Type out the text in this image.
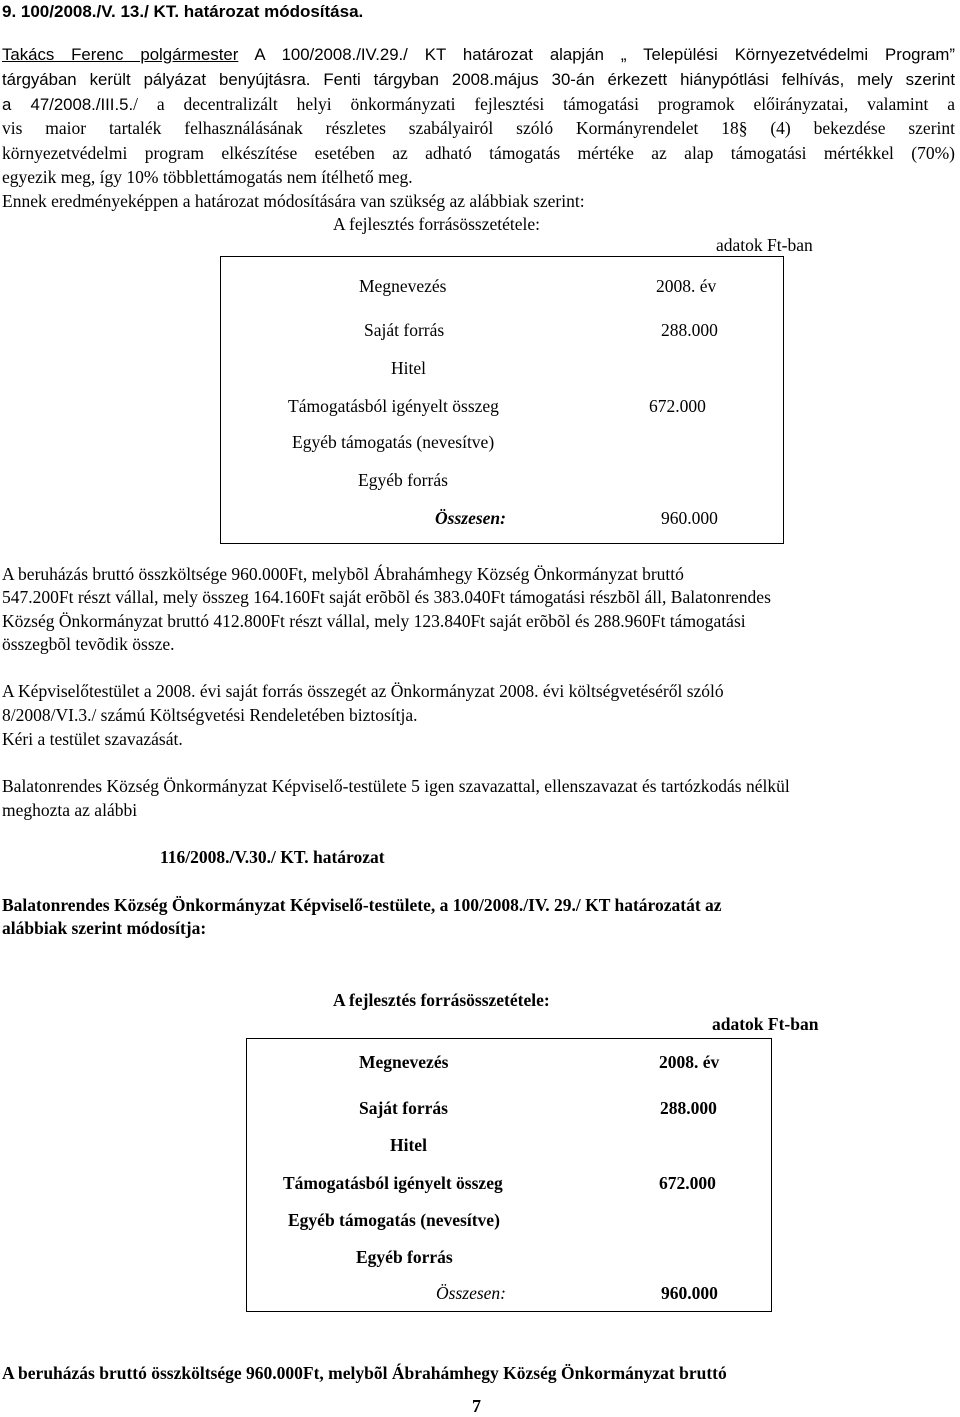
9. 100/2008./V. 13./ KT. határozat módosítása.
Takács Ferenc polgármester A 100/2008./IV.29./ KT határozat alapján „ Települési Környezetvédelmi Program”
tárgyában került pályázat benyújtásra. Fenti tárgyban 2008.május 30-án érkezett hiánypótlási felhívás, mely szerint
a 47/2008./III.5./ a decentralizált helyi önkormányzati fejlesztési támogatási programok előirányzatai, valamint a
vis maior tartalék felhasználásának részletes szabályairól szóló Kormányrendelet 18§ (4) bekezdése szerint
környezetvédelmi program elkészítése esetében az adható támogatás mértéke az alap támogatási mértékkel (70%)
egyezik meg, így 10% többlettámogatás nem ítélhető meg.
Ennek eredményeképpen a határozat módosítására van szükség az alábbiak szerint:
A fejlesztés forrásösszetétele:
adatok Ft-ban
Megnevezés	2008. év
Saját forrás	288.000
Hitel
Támogatásból igényelt összeg	672.000
Egyéb támogatás (nevesítve)
Egyéb forrás
Összesen:	960.000
A beruházás bruttó összköltsége 960.000Ft, melybõl Ábrahámhegy Község Önkormányzat bruttó
547.200Ft részt vállal, mely összeg 164.160Ft saját erõbõl és 383.040Ft támogatási részbõl áll, Balatonrendes
Község Önkormányzat bruttó 412.800Ft részt vállal, mely 123.840Ft saját erõbõl és 288.960Ft támogatási
összegbõl tevõdik össze.
A Képviselőtestület a 2008. évi saját forrás összegét az Önkormányzat 2008. évi költségvetéséről szóló
8/2008/VI.3./ számú Költségvetési Rendeletében biztosítja.
Kéri a testület szavazását.
Balatonrendes Község Önkormányzat Képviselő-testülete 5 igen szavazattal, ellenszavazat és tartózkodás nélkül
meghozta az alábbi
116/2008./V.30./ KT. határozat
Balatonrendes Község Önkormányzat Képviselő-testülete, a 100/2008./IV. 29./ KT határozatát az
alábbiak szerint módosítja:
A fejlesztés forrásösszetétele:
adatok Ft-ban
Megnevezés	2008. év
Saját forrás	288.000
Hitel
Támogatásból igényelt összeg	672.000
Egyéb támogatás (nevesítve)
Egyéb forrás
Összesen:	960.000
A beruházás bruttó összköltsége 960.000Ft, melybõl Ábrahámhegy Község Önkormányzat bruttó
7
